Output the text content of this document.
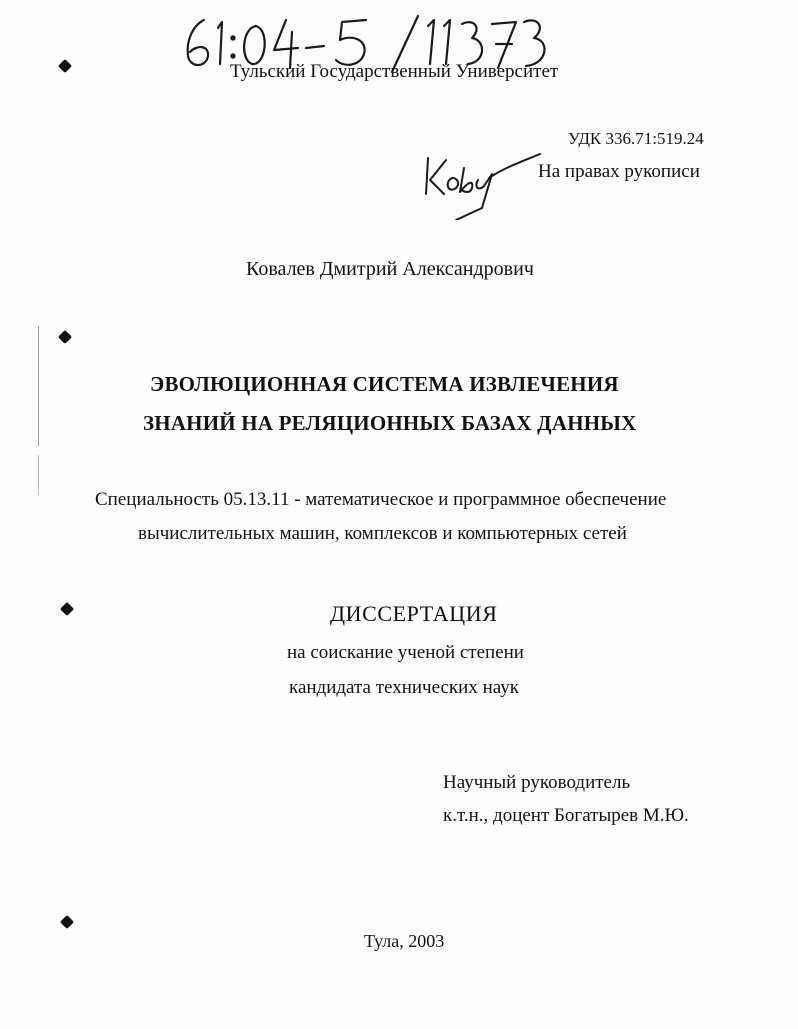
Тульский Государственный Университет
УДК 336.71:519.24
На правах рукописи
Ковалев Дмитрий Александрович
ЭВОЛЮЦИОННАЯ СИСТЕМА ИЗВЛЕЧЕНИЯ
ЗНАНИЙ НА РЕЛЯЦИОННЫХ БАЗАХ ДАННЫХ
Специальность 05.13.11 - математическое и программное обеспечение
вычислительных машин, комплексов и компьютерных сетей
ДИССЕРТАЦИЯ
на соискание ученой степени
кандидата технических наук
Научный руководитель
к.т.н., доцент Богатырев М.Ю.
Тула, 2003
